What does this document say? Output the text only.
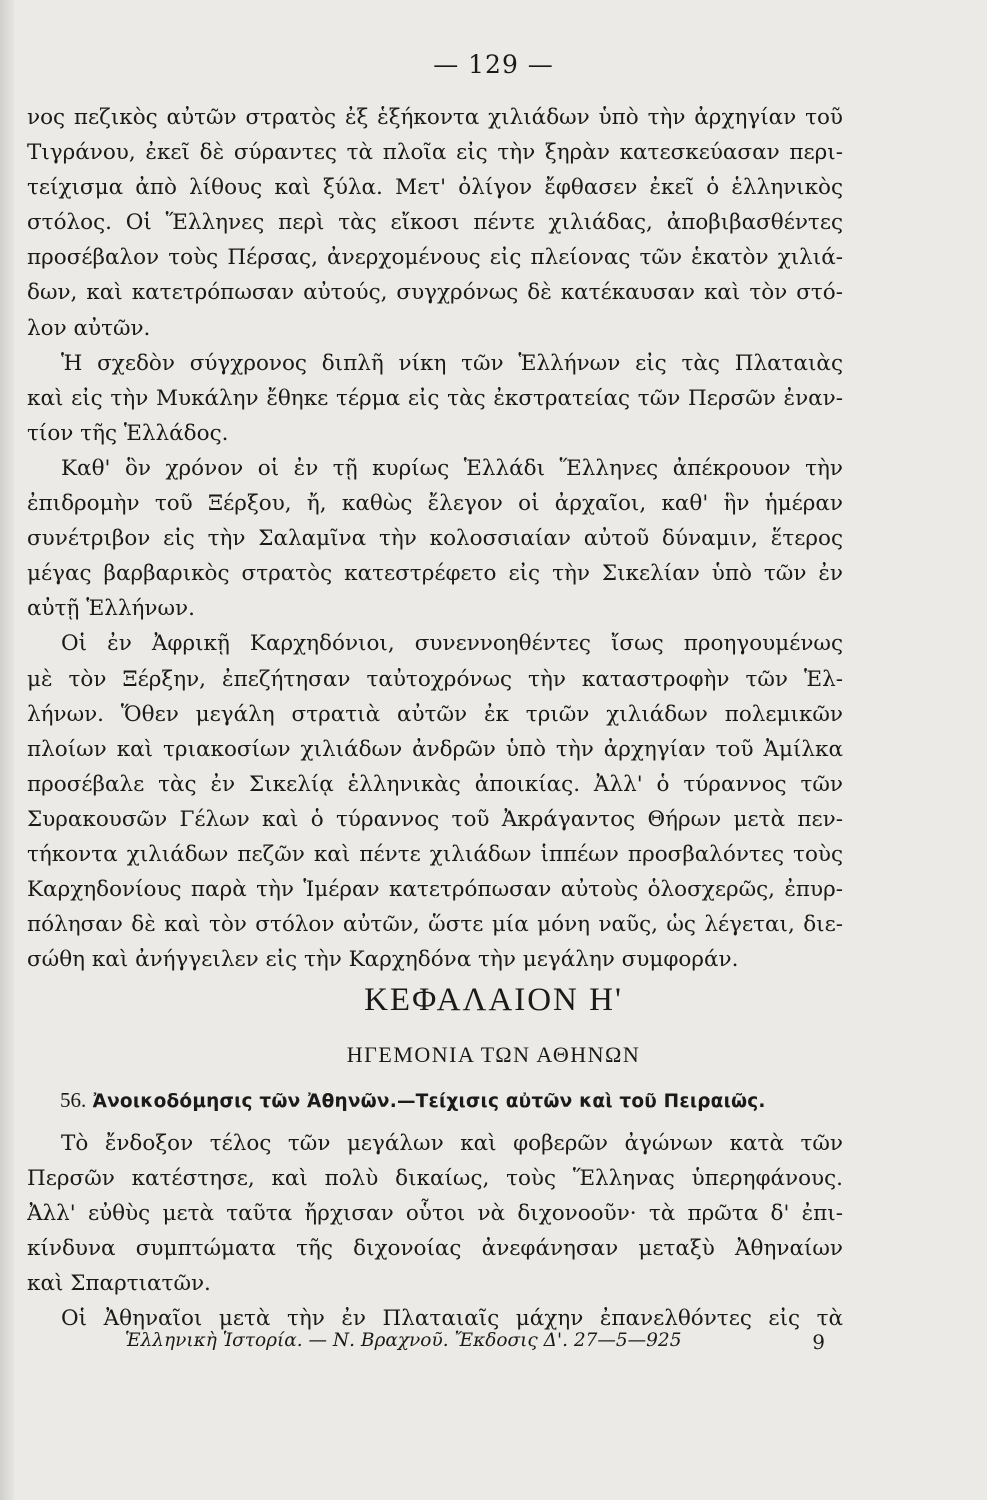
— 129 —
νος πεζικὸς αὐτῶν στρατὸς ἐξ ἑξήκοντα χιλιάδων ὑπὸ τὴν ἀρχηγίαν τοῦ
Τιγράνου, ἐκεῖ δὲ σύραντες τὰ πλοῖα εἰς τὴν ξηρὰν κατεσκεύασαν περι-
τείχισμα ἀπὸ λίθους καὶ ξύλα. Μετ' ὀλίγον ἔφθασεν ἐκεῖ ὁ ἑλληνικὸς
στόλος. Οἱ Ἕλληνες περὶ τὰς εἴκοσι πέντε χιλιάδας, ἀποβιβασθέντες
προσέβαλον τοὺς Πέρσας, ἀνερχομένους εἰς πλείονας τῶν ἑκατὸν χιλιά-
δων, καὶ κατετρόπωσαν αὐτούς, συγχρόνως δὲ κατέκαυσαν καὶ τὸν στό-
λον αὐτῶν.
Ἡ σχεδὸν σύγχρονος διπλῆ νίκη τῶν Ἑλλήνων εἰς τὰς Πλαταιὰς
καὶ εἰς τὴν Μυκάλην ἔθηκε τέρμα εἰς τὰς ἐκστρατείας τῶν Περσῶν ἐναν-
τίον τῆς Ἑλλάδος.
Καθ' ὃν χρόνον οἱ ἐν τῇ κυρίως Ἑλλάδι Ἕλληνες ἀπέκρουον τὴν
ἐπιδρομὴν τοῦ Ξέρξου, ἤ, καθὼς ἔλεγον οἱ ἀρχαῖοι, καθ' ἣν ἡμέραν
συνέτριβον εἰς τὴν Σαλαμῖνα τὴν κολοσσιαίαν αὐτοῦ δύναμιν, ἕτερος
μέγας βαρβαρικὸς στρατὸς κατεστρέφετο εἰς τὴν Σικελίαν ὑπὸ τῶν ἐν
αὐτῇ Ἑλλήνων.
Οἱ ἐν Ἀφρικῇ Καρχηδόνιοι, συνεννοηθέντες ἴσως προηγουμένως
μὲ τὸν Ξέρξην, ἐπεζήτησαν ταὐτοχρόνως τὴν καταστροφὴν τῶν Ἑλ-
λήνων. Ὅθεν μεγάλη στρατιὰ αὐτῶν ἐκ τριῶν χιλιάδων πολεμικῶν
πλοίων καὶ τριακοσίων χιλιάδων ἀνδρῶν ὑπὸ τὴν ἀρχηγίαν τοῦ Ἀμίλκα
προσέβαλε τὰς ἐν Σικελίᾳ ἑλληνικὰς ἀποικίας. Ἀλλ' ὁ τύραννος τῶν
Συρακουσῶν Γέλων καὶ ὁ τύραννος τοῦ Ἀκράγαντος Θήρων μετὰ πεν-
τήκοντα χιλιάδων πεζῶν καὶ πέντε χιλιάδων ἱππέων προσβαλόντες τοὺς
Καρχηδονίους παρὰ τὴν Ἱμέραν κατετρόπωσαν αὐτοὺς ὁλοσχερῶς, ἐπυρ-
πόλησαν δὲ καὶ τὸν στόλον αὐτῶν, ὥστε μία μόνη ναῦς, ὡς λέγεται, διε-
σώθη καὶ ἀνήγγειλεν εἰς τὴν Καρχηδόνα τὴν μεγάλην συμφοράν.
ΚΕΦΑΛΑΙΟΝ Η'
ΗΓΕΜΟΝΙΑ ΤΩΝ ΑΘΗΝΩΝ
56. Ἀνοικοδόμησις τῶν Ἀθηνῶν.—Τείχισις αὐτῶν καὶ τοῦ Πειραιῶς.
Τὸ ἔνδοξον τέλος τῶν μεγάλων καὶ φοβερῶν ἀγώνων κατὰ τῶν
Περσῶν κατέστησε, καὶ πολὺ δικαίως, τοὺς Ἕλληνας ὑπερηφάνους.
Ἀλλ' εὐθὺς μετὰ ταῦτα ἤρχισαν οὗτοι νὰ διχονοοῦν· τὰ πρῶτα δ' ἐπι-
κίνδυνα συμπτώματα τῆς διχονοίας ἀνεφάνησαν μεταξὺ Ἀθηναίων
καὶ Σπαρτιατῶν.
Οἱ Ἀθηναῖοι μετὰ τὴν ἐν Πλαταιαῖς μάχην ἐπανελθόντες εἰς τὰ
Ἑλληνικὴ Ἱστορία. — Ν. Βραχνοῦ. Ἔκδοσις Δ'. 27—5—925	9
